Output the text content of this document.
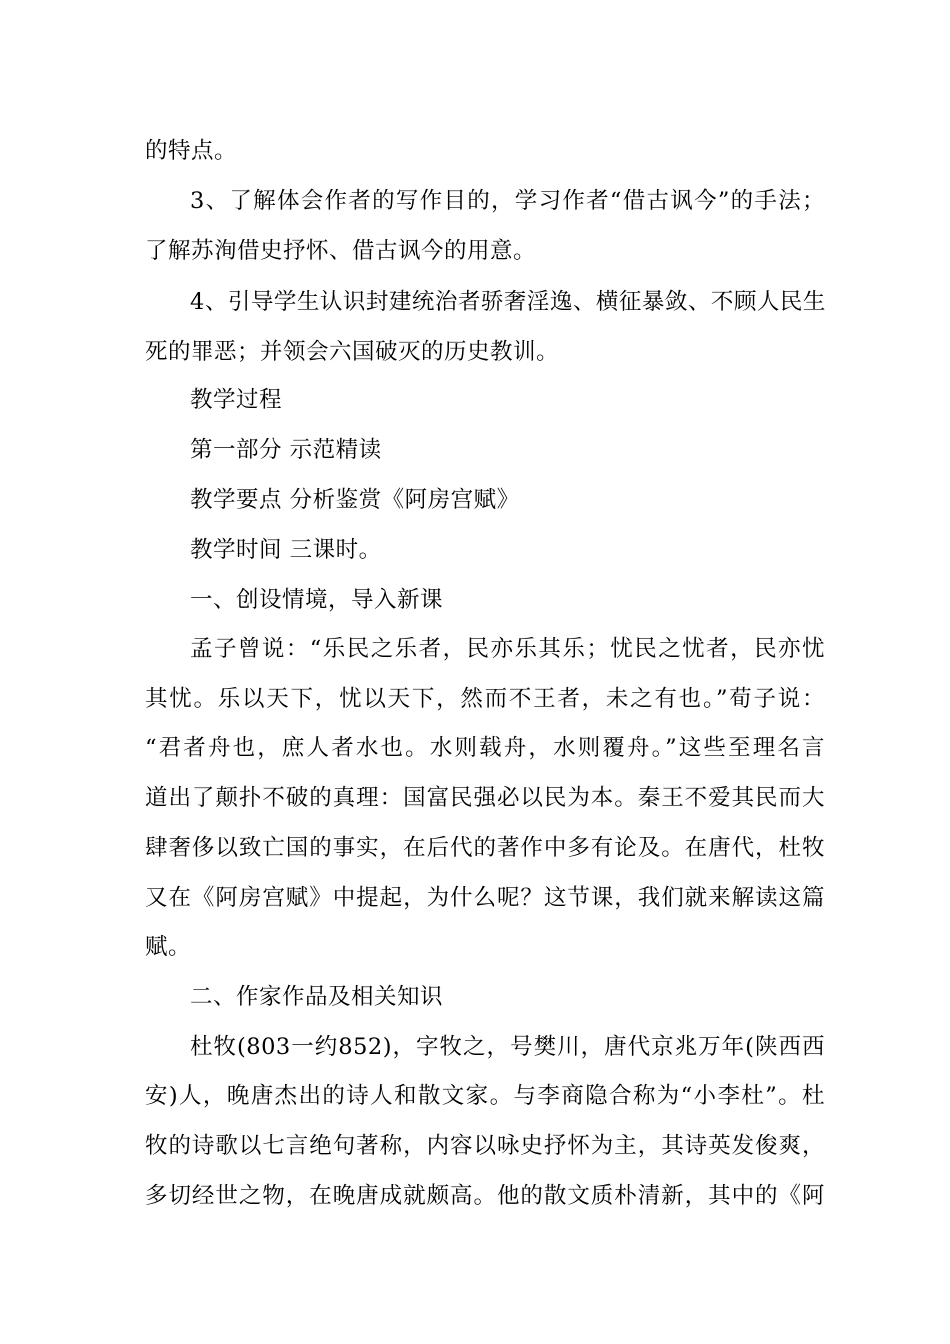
的特点。
3、了解体会作者的写作目的，学习作者“借古讽今”的手法；
了解苏洵借史抒怀、借古讽今的用意。
4、引导学生认识封建统治者骄奢淫逸、横征暴敛、不顾人民生
死的罪恶；并领会六国破灭的历史教训。
教学过程
第一部分 示范精读
教学要点 分析鉴赏《阿房宫赋》
教学时间 三课时。
一、创设情境，导入新课
孟子曾说：“乐民之乐者，民亦乐其乐；忧民之忧者，民亦忧
其忧。乐以天下，忧以天下，然而不王者，未之有也。”荀子说：
“君者舟也，庶人者水也。水则载舟，水则覆舟。”这些至理名言
道出了颠扑不破的真理：国富民强必以民为本。秦王不爱其民而大
肆奢侈以致亡国的事实，在后代的著作中多有论及。在唐代，杜牧
又在《阿房宫赋》中提起，为什么呢？这节课，我们就来解读这篇
赋。
二、作家作品及相关知识
杜牧(803一约852)，字牧之，号樊川，唐代京兆万年(陕西西
安)人，晚唐杰出的诗人和散文家。与李商隐合称为“小李杜”。杜
牧的诗歌以七言绝句著称，内容以咏史抒怀为主，其诗英发俊爽，
多切经世之物，在晚唐成就颇高。他的散文质朴清新，其中的《阿
